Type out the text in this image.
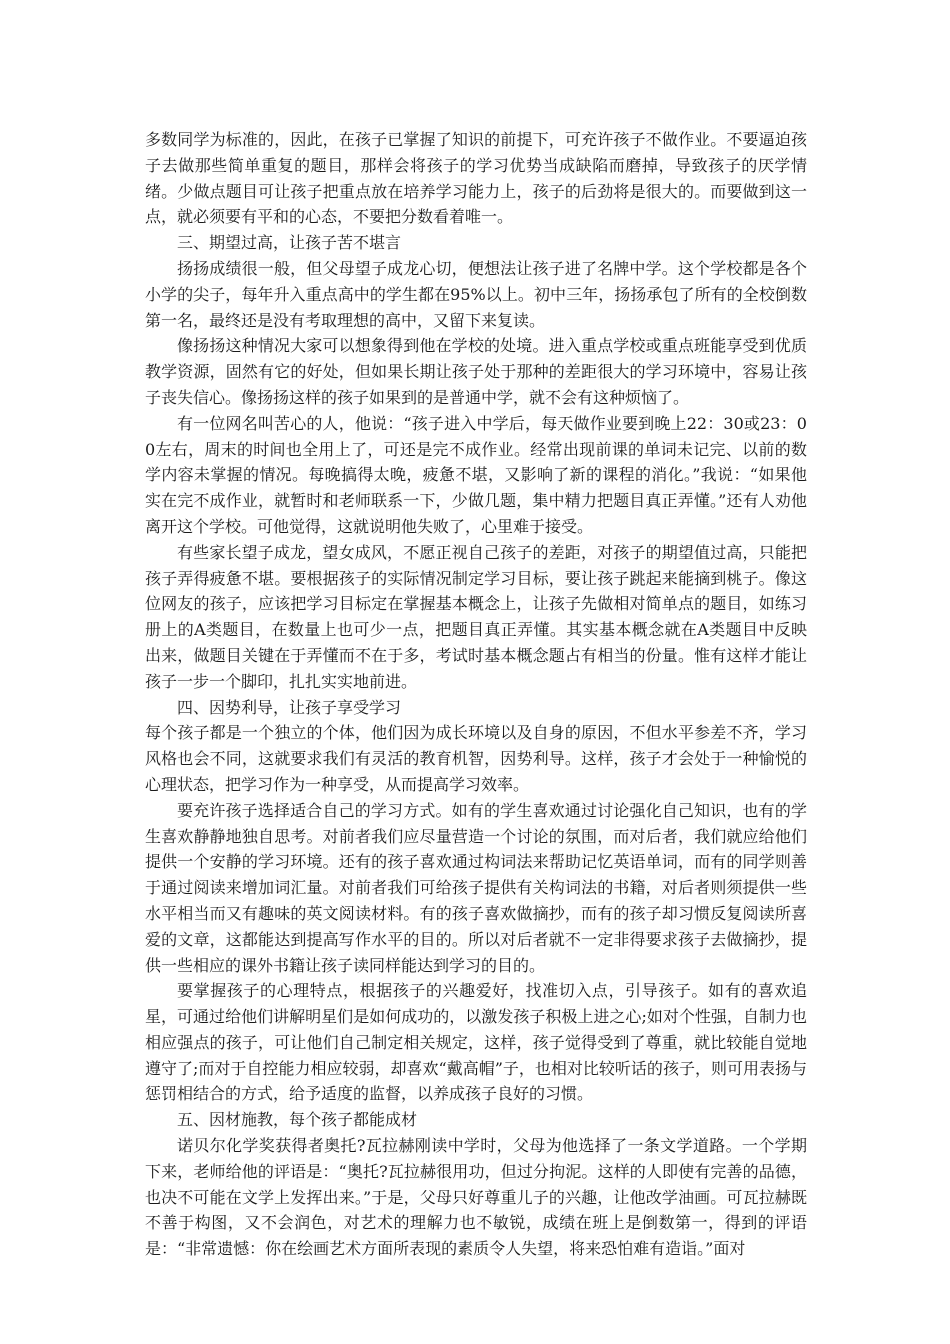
多数同学为标准的，因此，在孩子已掌握了知识的前提下，可充许孩子不做作业。不要逼迫孩子去做那些简单重复的题目，那样会将孩子的学习优势当成缺陷而磨掉，导致孩子的厌学情绪。少做点题目可让孩子把重点放在培养学习能力上，孩子的后劲将是很大的。而要做到这一点，就必须要有平和的心态，不要把分数看着唯一。

三、期望过高，让孩子苦不堪言

扬扬成绩很一般，但父母望子成龙心切，便想法让孩子进了名牌中学。这个学校都是各个小学的尖子，每年升入重点高中的学生都在95%以上。初中三年，扬扬承包了所有的全校倒数第一名，最终还是没有考取理想的高中，又留下来复读。

像扬扬这种情况大家可以想象得到他在学校的处境。进入重点学校或重点班能享受到优质教学资源，固然有它的好处，但如果长期让孩子处于那种的差距很大的学习环境中，容易让孩子丧失信心。像扬扬这样的孩子如果到的是普通中学，就不会有这种烦恼了。

有一位网名叫苦心的人，他说：“孩子进入中学后，每天做作业要到晚上22：30或23：00左右，周末的时间也全用上了，可还是完不成作业。经常出现前课的单词未记完、以前的数学内容未掌握的情况。每晚搞得太晚，疲惫不堪，又影响了新的课程的消化。”我说：“如果他实在完不成作业，就暂时和老师联系一下，少做几题，集中精力把题目真正弄懂。”还有人劝他离开这个学校。可他觉得，这就说明他失败了，心里难于接受。

有些家长望子成龙，望女成风，不愿正视自己孩子的差距，对孩子的期望值过高，只能把孩子弄得疲惫不堪。要根据孩子的实际情况制定学习目标，要让孩子跳起来能摘到桃子。像这位网友的孩子，应该把学习目标定在掌握基本概念上，让孩子先做相对简单点的题目，如练习册上的A类题目，在数量上也可少一点，把题目真正弄懂。其实基本概念就在A类题目中反映出来，做题目关键在于弄懂而不在于多，考试时基本概念题占有相当的份量。惟有这样才能让孩子一步一个脚印，扎扎实实地前进。

四、因势利导，让孩子享受学习

每个孩子都是一个独立的个体，他们因为成长环境以及自身的原因，不但水平参差不齐，学习风格也会不同，这就要求我们有灵活的教育机智，因势利导。这样，孩子才会处于一种愉悦的心理状态，把学习作为一种享受，从而提高学习效率。

要充许孩子选择适合自己的学习方式。如有的学生喜欢通过讨论强化自己知识，也有的学生喜欢静静地独自思考。对前者我们应尽量营造一个讨论的氛围，而对后者，我们就应给他们提供一个安静的学习环境。还有的孩子喜欢通过构词法来帮助记忆英语单词，而有的同学则善于通过阅读来增加词汇量。对前者我们可给孩子提供有关构词法的书籍，对后者则须提供一些水平相当而又有趣味的英文阅读材料。有的孩子喜欢做摘抄，而有的孩子却习惯反复阅读所喜爱的文章，这都能达到提高写作水平的目的。所以对后者就不一定非得要求孩子去做摘抄，提供一些相应的课外书籍让孩子读同样能达到学习的目的。

要掌握孩子的心理特点，根据孩子的兴趣爱好，找准切入点，引导孩子。如有的喜欢追星，可通过给他们讲解明星们是如何成功的，以激发孩子积极上进之心;如对个性强，自制力也相应强点的孩子，可让他们自己制定相关规定，这样，孩子觉得受到了尊重，就比较能自觉地遵守了;而对于自控能力相应较弱，却喜欢“戴高帽”子，也相对比较听话的孩子，则可用表扬与惩罚相结合的方式，给予适度的监督，以养成孩子良好的习惯。

五、因材施教，每个孩子都能成材

诺贝尔化学奖获得者奥托?瓦拉赫刚读中学时，父母为他选择了一条文学道路。一个学期下来，老师给他的评语是：“奥托?瓦拉赫很用功，但过分拘泥。这样的人即使有完善的品德，也决不可能在文学上发挥出来。”于是，父母只好尊重儿子的兴趣，让他改学油画。可瓦拉赫既不善于构图，又不会润色，对艺术的理解力也不敏锐，成绩在班上是倒数第一，得到的评语是：“非常遗憾：你在绘画艺术方面所表现的素质令人失望，将来恐怕难有造诣。”面对
